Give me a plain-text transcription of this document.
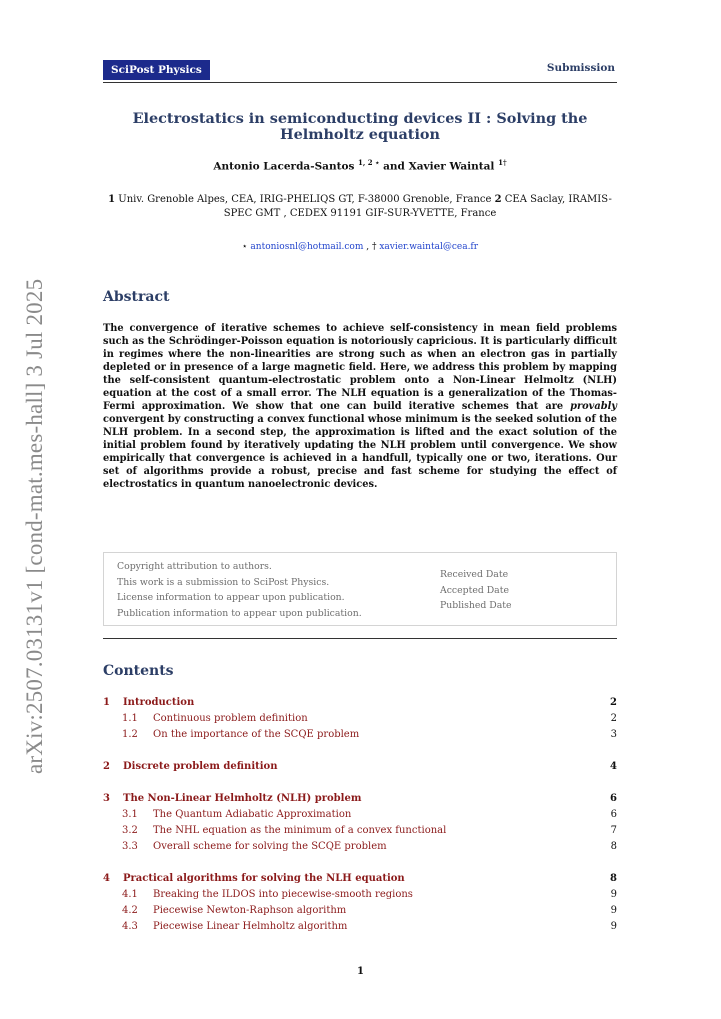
arXiv:2507.03131v1 [cond-mat.mes-hall] 3 Jul 2025
SciPost Physics	Submission
Electrostatics in semiconducting devices II : Solving the Helmholtz equation
Antonio Lacerda-Santos $^{1, 2 ⋆}$ and Xavier Waintal $^{1\dagger}$
1 Univ. Grenoble Alpes, CEA, IRIG-PHELIQS GT, F-38000 Grenoble, France 2 CEA Saclay, IRAMIS-SPEC GMT , CEDEX 91191 GIF-SUR-YVETTE, France
⋆ antoniosnl@hotmail.com , † xavier.waintal@cea.fr
Abstract

The convergence of iterative schemes to achieve self-consistency in mean field problems such as the Schrödinger-Poisson equation is notoriously capricious. It is particularly difficult in regimes where the non-linearities are strong such as when an electron gas in partially depleted or in presence of a large magnetic field. Here, we address this problem by mapping the self-consistent quantum-electrostatic problem onto a Non-Linear Helmoltz (NLH) equation at the cost of a small error. The NLH equation is a generalization of the Thomas-Fermi approximation. We show that one can build iterative schemes that are provably convergent by constructing a convex functional whose minimum is the seeked solution of the NLH problem. In a second step, the approximation is lifted and the exact solution of the initial problem found by iteratively updating the NLH problem until convergence. We show empirically that convergence is achieved in a handfull, typically one or two, iterations. Our set of algorithms provide a robust, precise and fast scheme for studying the effect of electrostatics in quantum nanoelectronic devices.

Copyright attribution to authors.
This work is a submission to SciPost Physics.
License information to appear upon publication.
Publication information to appear upon publication.
Received Date
Accepted Date
Published Date
Contents
1 Introduction	2
1.1 Continuous problem definition	2
1.2 On the importance of the SCQE problem	3
2 Discrete problem definition	4
3 The Non-Linear Helmholtz (NLH) problem	6
3.1 The Quantum Adiabatic Approximation	6
3.2 The NHL equation as the minimum of a convex functional	7
3.3 Overall scheme for solving the SCQE problem	8
4 Practical algorithms for solving the NLH equation	8
4.1 Breaking the ILDOS into piecewise-smooth regions	9
4.2 Piecewise Newton-Raphson algorithm	9
4.3 Piecewise Linear Helmholtz algorithm	9
1
